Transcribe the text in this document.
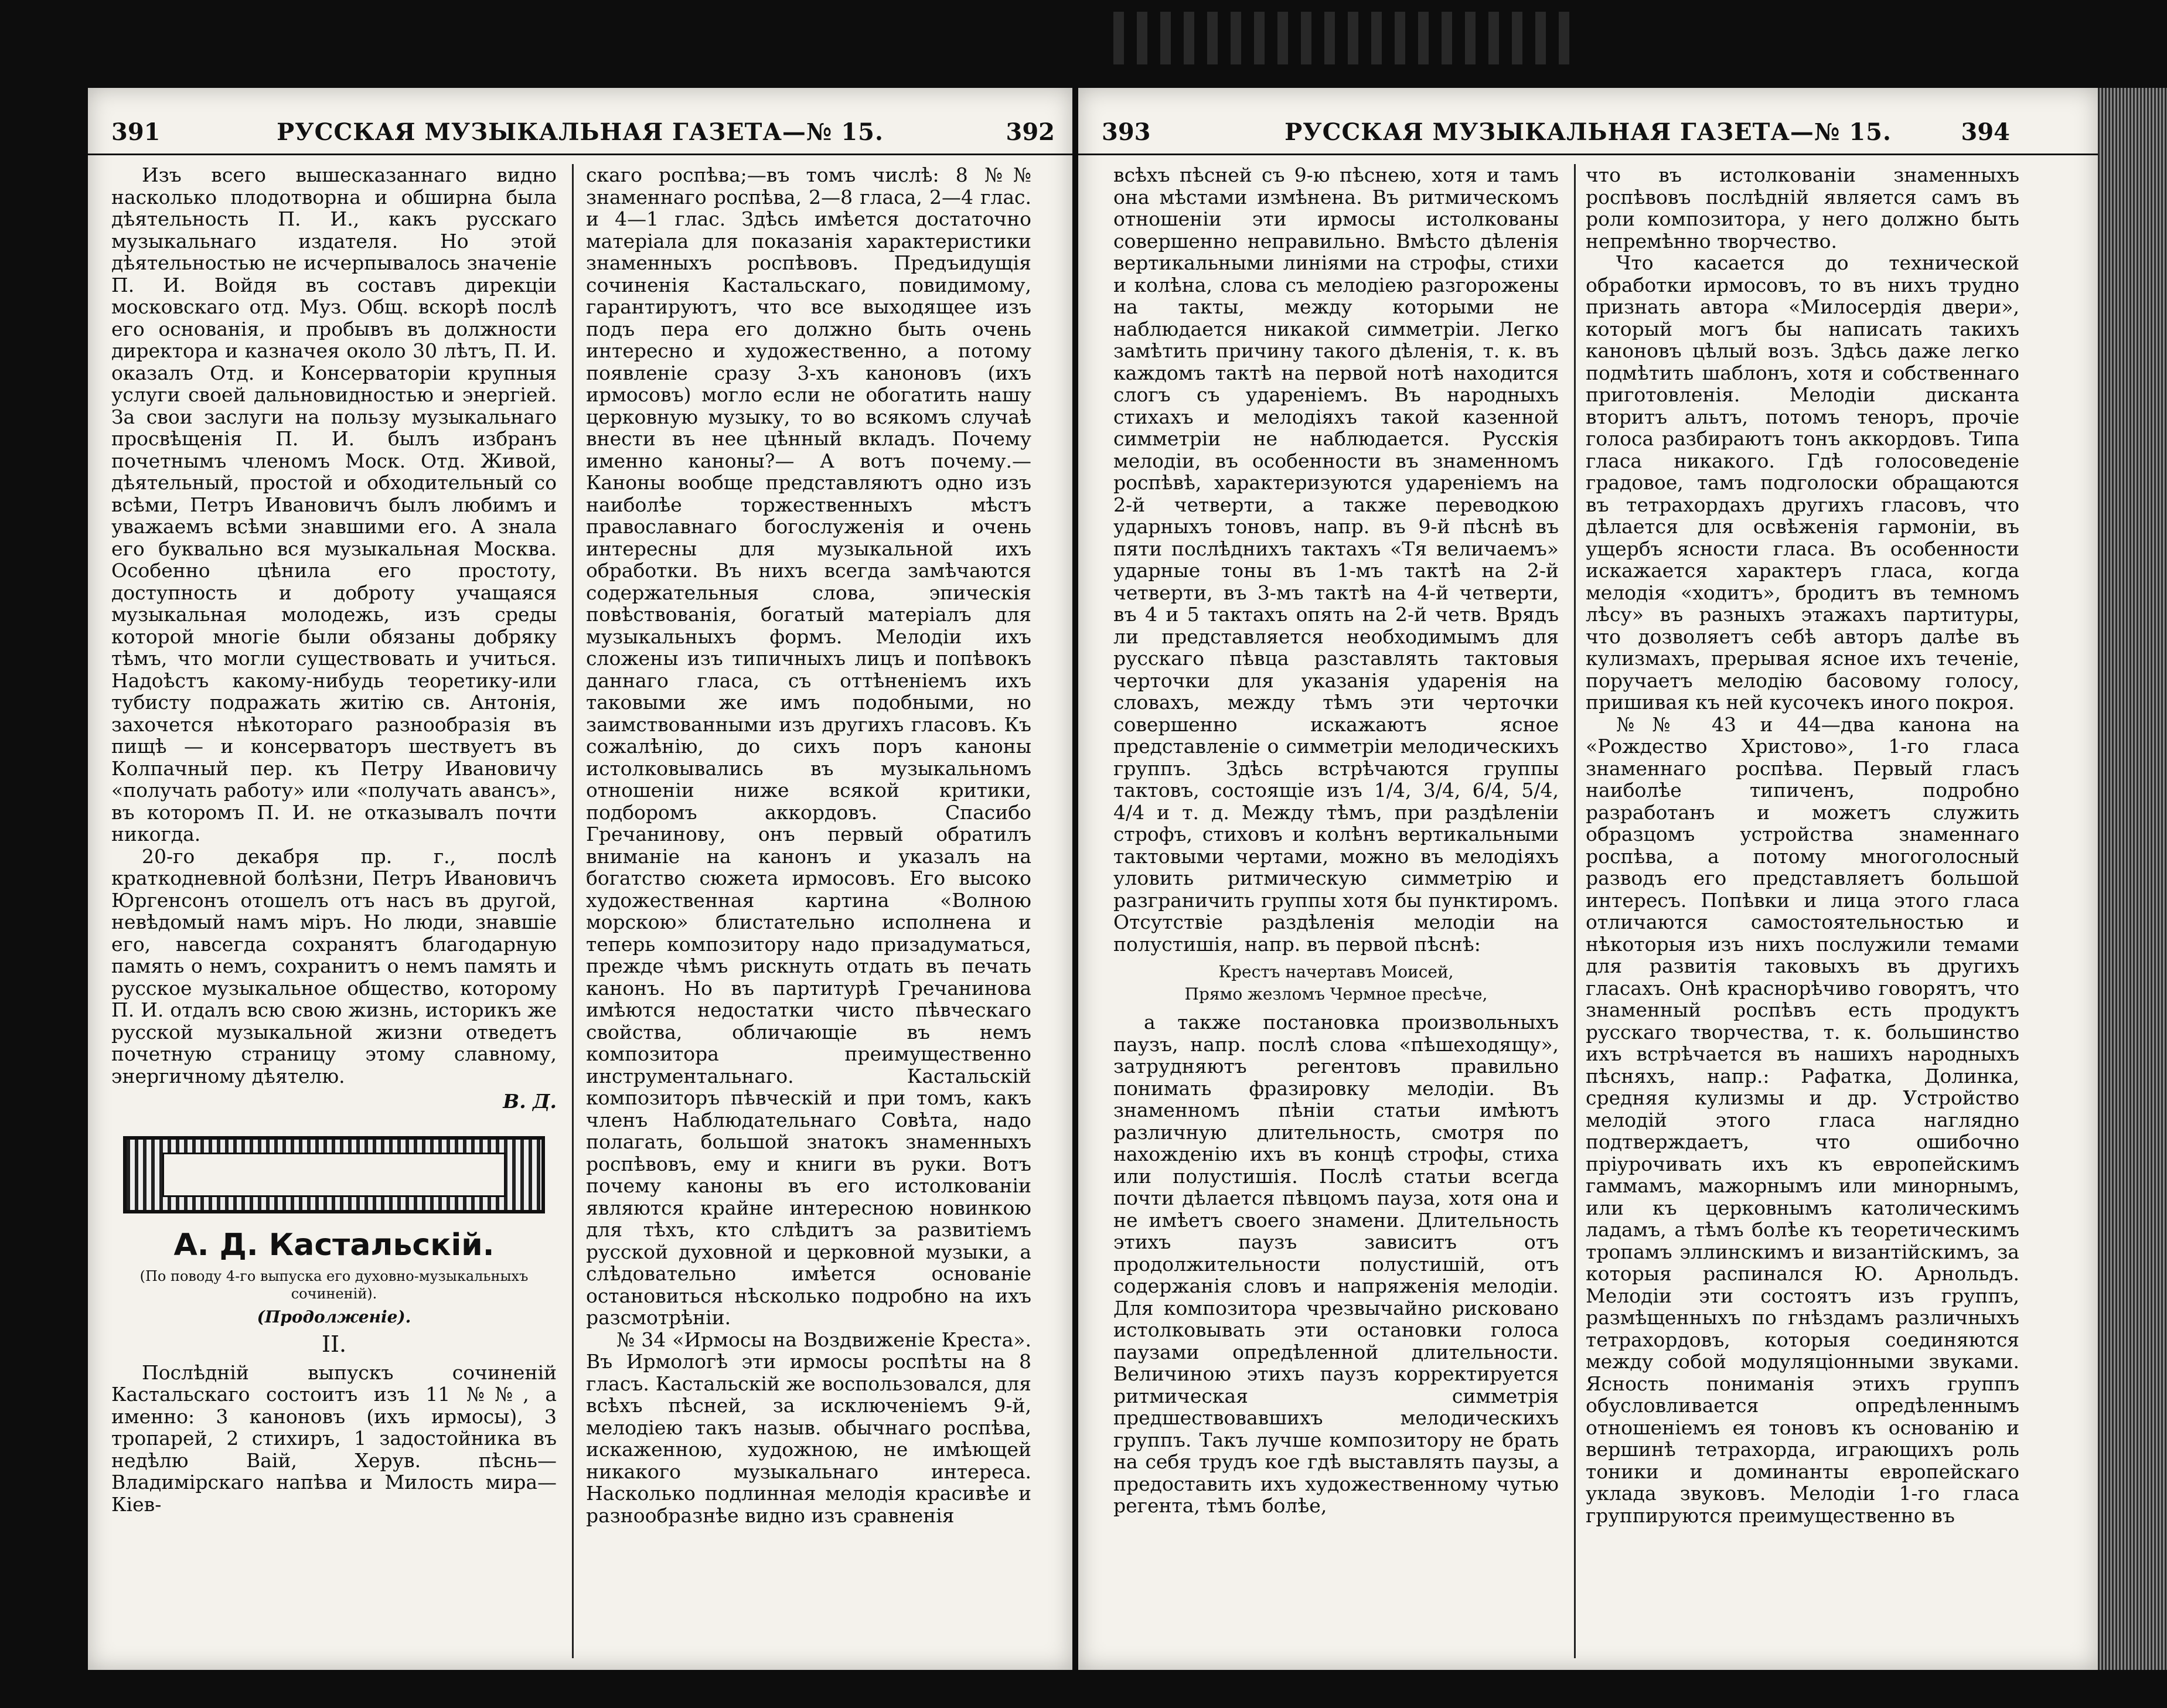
391	РУССКАЯ МУЗЫКАЛЬНАЯ ГАЗЕТА—№ 15.	392

Изъ всего вышесказаннаго видно насколько плодотворна и обширна была дѣятельность П. И., какъ русскаго музыкальнаго издателя. Но этой дѣятельностью не исчерпывалось значеніе П. И. Войдя въ составъ дирекціи московскаго отд. Муз. Общ. вскорѣ послѣ его основанія, и пробывъ въ должности директора и казначея около 30 лѣтъ, П. И. оказалъ Отд. и Консерваторіи крупныя услуги своей дальновидностью и энергіей. За свои заслуги на пользу музыкальнаго просвѣщенія П. И. былъ избранъ почетнымъ членомъ Моск. Отд. Живой, дѣятельный, простой и обходительный со всѣми, Петръ Ивановичъ былъ любимъ и уважаемъ всѣми знавшими его. А знала его буквально вся музыкальная Москва. Особенно цѣнила его простоту, доступность и доброту учащаяся музыкальная молодежь, изъ среды которой многіе были обязаны добряку тѣмъ, что могли существовать и учиться. Надоѣстъ какому-нибудь теоретику-или тубисту подражать житію св. Антонія, захочется нѣкотораго разнообразія въ пищѣ — и консерваторъ шествуетъ въ Колпачный пер. къ Петру Ивановичу «получать работу» или «получать авансъ», въ которомъ П. И. не отказывалъ почти никогда.

20-го декабря пр. г., послѣ краткодневной болѣзни, Петръ Ивановичъ Юргенсонъ отошелъ отъ насъ въ другой, невѣдомый намъ міръ. Но люди, знавшіе его, навсегда сохранятъ благодарную память о немъ, сохранитъ о немъ память и русское музыкальное общество, которому П. И. отдалъ всю свою жизнь, историкъ же русской музыкальной жизни отведетъ почетную страницу этому славному, энергичному дѣятелю.

В. Д.
А. Д. Кастальскій.
(По поводу 4-го выпуска его духовно-музыкальныхъ сочиненій).
(Продолженіе).
II.

Послѣдній выпускъ сочиненій Кастальскаго состоитъ изъ 11 №№, а именно: 3 каноновъ (ихъ ирмосы), 3 тропарей, 2 стихиръ, 1 задостойника въ недѣлю Ваій, Херув. пѣснь— Владимірскаго напѣва и Милость мира—Кіев-

скаго роспѣва;—въ томъ числѣ: 8 №№ знаменнаго роспѣва, 2—8 гласа, 2—4 глас. и 4—1 глас. Здѣсь имѣется достаточно матеріала для показанія характеристики знаменныхъ роспѣвовъ. Предъидущія сочиненія Кастальскаго, повидимому, гарантируютъ, что все выходящее изъ подъ пера его должно быть очень интересно и художественно, а потому появленіе сразу 3-хъ каноновъ (ихъ ирмосовъ) могло если не обогатить нашу церковную музыку, то во всякомъ случаѣ внести въ нее цѣнный вкладъ. Почему именно каноны?— А вотъ почему.—Каноны вообще представляютъ одно изъ наиболѣе торжественныхъ мѣстъ православнаго богослуженія и очень интересны для музыкальной ихъ обработки. Въ нихъ всегда замѣчаются содержательныя слова, эпическія повѣствованія, богатый матеріалъ для музыкальныхъ формъ. Мелодіи ихъ сложены изъ типичныхъ лицъ и попѣвокъ даннаго гласа, съ оттѣненіемъ ихъ таковыми же имъ подобными, но заимствованными изъ другихъ гласовъ. Къ сожалѣнію, до сихъ поръ каноны истолковывались въ музыкальномъ отношеніи ниже всякой критики, подборомъ аккордовъ. Спасибо Гречанинову, онъ первый обратилъ вниманіе на канонъ и указалъ на богатство сюжета ирмосовъ. Его высоко художественная картина «Волною морскою» блистательно исполнена и теперь композитору надо призадуматься, прежде чѣмъ рискнуть отдать въ печать канонъ. Но въ партитурѣ Гречанинова имѣются недостатки чисто пѣвческаго свойства, обличающіе въ немъ композитора преимущественно инструментальнаго. Кастальскій композиторъ пѣвческій и при томъ, какъ членъ Наблюдательнаго Совѣта, надо полагать, большой знатокъ знаменныхъ роспѣвовъ, ему и книги въ руки. Вотъ почему каноны въ его истолкованіи являются крайне интересною новинкою для тѣхъ, кто слѣдитъ за развитіемъ русской духовной и церковной музыки, а слѣдовательно имѣется основаніе остановиться нѣсколько подробно на ихъ разсмотрѣніи.

№ 34 «Ирмосы на Воздвиженіе Креста». Въ Ирмологѣ эти ирмосы роспѣты на 8 гласъ. Кастальскій же воспользовался, для всѣхъ пѣсней, за исключеніемъ 9-й, мелодіею такъ назыв. обычнаго роспѣва, искаженною, художною, не имѣющей никакого музыкальнаго интереса. Насколько подлинная мелодія красивѣе и разнообразнѣе видно изъ сравненія

393	РУССКАЯ МУЗЫКАЛЬНАЯ ГАЗЕТА—№ 15.	394

всѣхъ пѣсней съ 9-ю пѣснею, хотя и тамъ она мѣстами измѣнена. Въ ритмическомъ отношеніи эти ирмосы истолкованы совершенно неправильно. Вмѣсто дѣленія вертикальными линіями на строфы, стихи и колѣна, слова съ мелодіею разгорожены на такты, между которыми не наблюдается никакой симметріи. Легко замѣтить причину такого дѣленія, т. к. въ каждомъ тактѣ на первой нотѣ находится слогъ съ удареніемъ. Въ народныхъ стихахъ и мелодіяхъ такой казенной симметріи не наблюдается. Русскія мелодіи, въ особенности въ знаменномъ роспѣвѣ, характеризуются удареніемъ на 2-й четверти, а также переводкою ударныхъ тоновъ, напр. въ 9-й пѣснѣ въ пяти послѣднихъ тактахъ «Тя величаемъ» ударные тоны въ 1-мъ тактѣ на 2-й четверти, въ 3-мъ тактѣ на 4-й четверти, въ 4 и 5 тактахъ опять на 2-й четв. Врядъ ли представляется необходимымъ для русскаго пѣвца разставлять тактовыя черточки для указанія ударенія на словахъ, между тѣмъ эти черточки совершенно искажаютъ ясное представленіе о симметріи мелодическихъ группъ. Здѣсь встрѣчаются группы тактовъ, состоящіе изъ 1/4, 3/4, 6/4, 5/4, 4/4 и т. д. Между тѣмъ, при раздѣленіи строфъ, стиховъ и колѣнъ вертикальными тактовыми чертами, можно въ мелодіяхъ уловить ритмическую симметрію и разграничить группы хотя бы пунктиромъ. Отсутствіе раздѣленія мелодіи на полустишія, напр. въ первой пѣснѣ:

Крестъ начертавъ Моисей,
Прямо жезломъ Чермное пресѣче,

а также постановка произвольныхъ паузъ, напр. послѣ слова «пѣшеходящу», затрудняютъ регентовъ правильно понимать фразировку мелодіи. Въ знаменномъ пѣніи статьи имѣютъ различную длительность, смотря по нахожденію ихъ въ концѣ строфы, стиха или полустишія. Послѣ статьи всегда почти дѣлается пѣвцомъ пауза, хотя она и не имѣетъ своего знамени. Длительность этихъ паузъ зависитъ отъ продолжительности полустишій, отъ содержанія словъ и напряженія мелодіи. Для композитора чрезвычайно рисковано истолковывать эти остановки голоса паузами опредѣленной длительности. Величиною этихъ паузъ корректируется ритмическая симметрія предшествовавшихъ мелодическихъ группъ. Такъ лучше композитору не брать на себя трудъ кое гдѣ выставлять паузы, а предоставить ихъ художественному чутью регента, тѣмъ болѣе,

что въ истолкованіи знаменныхъ роспѣвовъ послѣдній является самъ въ роли композитора, у него должно быть непремѣнно творчество.

Что касается до технической обработки ирмосовъ, то въ нихъ трудно признать автора «Милосердія двери», который могъ бы написать такихъ каноновъ цѣлый возъ. Здѣсь даже легко подмѣтить шаблонъ, хотя и собственнаго приготовленія. Мелодіи дисканта вторитъ альтъ, потомъ теноръ, прочіе голоса разбираютъ тонъ аккордовъ. Типа гласа никакого. Гдѣ голосоведеніе градовое, тамъ подголоски обращаются въ тетрахордахъ другихъ гласовъ, что дѣлается для освѣженія гармоніи, въ ущербъ ясности гласа. Въ особенности искажается характеръ гласа, когда мелодія «ходитъ», бродитъ въ темномъ лѣсу» въ разныхъ этажахъ партитуры, что дозволяетъ себѣ авторъ далѣе въ кулизмахъ, прерывая ясное ихъ теченіе, поручаетъ мелодію басовому голосу, пришивая къ ней кусочекъ иного покроя.

№№ 43 и 44—два канона на «Рождество Христово», 1-го гласа знаменнаго роспѣва. Первый гласъ наиболѣе типиченъ, подробно разработанъ и можетъ служить образцомъ устройства знаменнаго роспѣва, а потому многоголосный разводъ его представляетъ большой интересъ. Попѣвки и лица этого гласа отличаются самостоятельностью и нѣкоторыя изъ нихъ послужили темами для развитія таковыхъ въ другихъ гласахъ. Онѣ краснорѣчиво говорятъ, что знаменный роспѣвъ есть продуктъ русскаго творчества, т. к. большинство ихъ встрѣчается въ нашихъ народныхъ пѣсняхъ, напр.: Рафатка, Долинка, средняя кулизмы и др. Устройство мелодій этого гласа наглядно подтверждаетъ, что ошибочно пріурочивать ихъ къ европейскимъ гаммамъ, мажорнымъ или минорнымъ, или къ церковнымъ католическимъ ладамъ, а тѣмъ болѣе къ теоретическимъ тропамъ эллинскимъ и византійскимъ, за которыя распинался Ю. Арнольдъ. Мелодіи эти состоятъ изъ группъ, размѣщенныхъ по гнѣздамъ различныхъ тетрахордовъ, которыя соединяются между собой модуляціонными звуками. Ясность пониманія этихъ группъ обусловливается опредѣленнымъ отношеніемъ ея тоновъ къ основанію и вершинѣ тетрахорда, играющихъ роль тоники и доминанты европейскаго уклада звуковъ. Мелодіи 1-го гласа группируются преимущественно въ
